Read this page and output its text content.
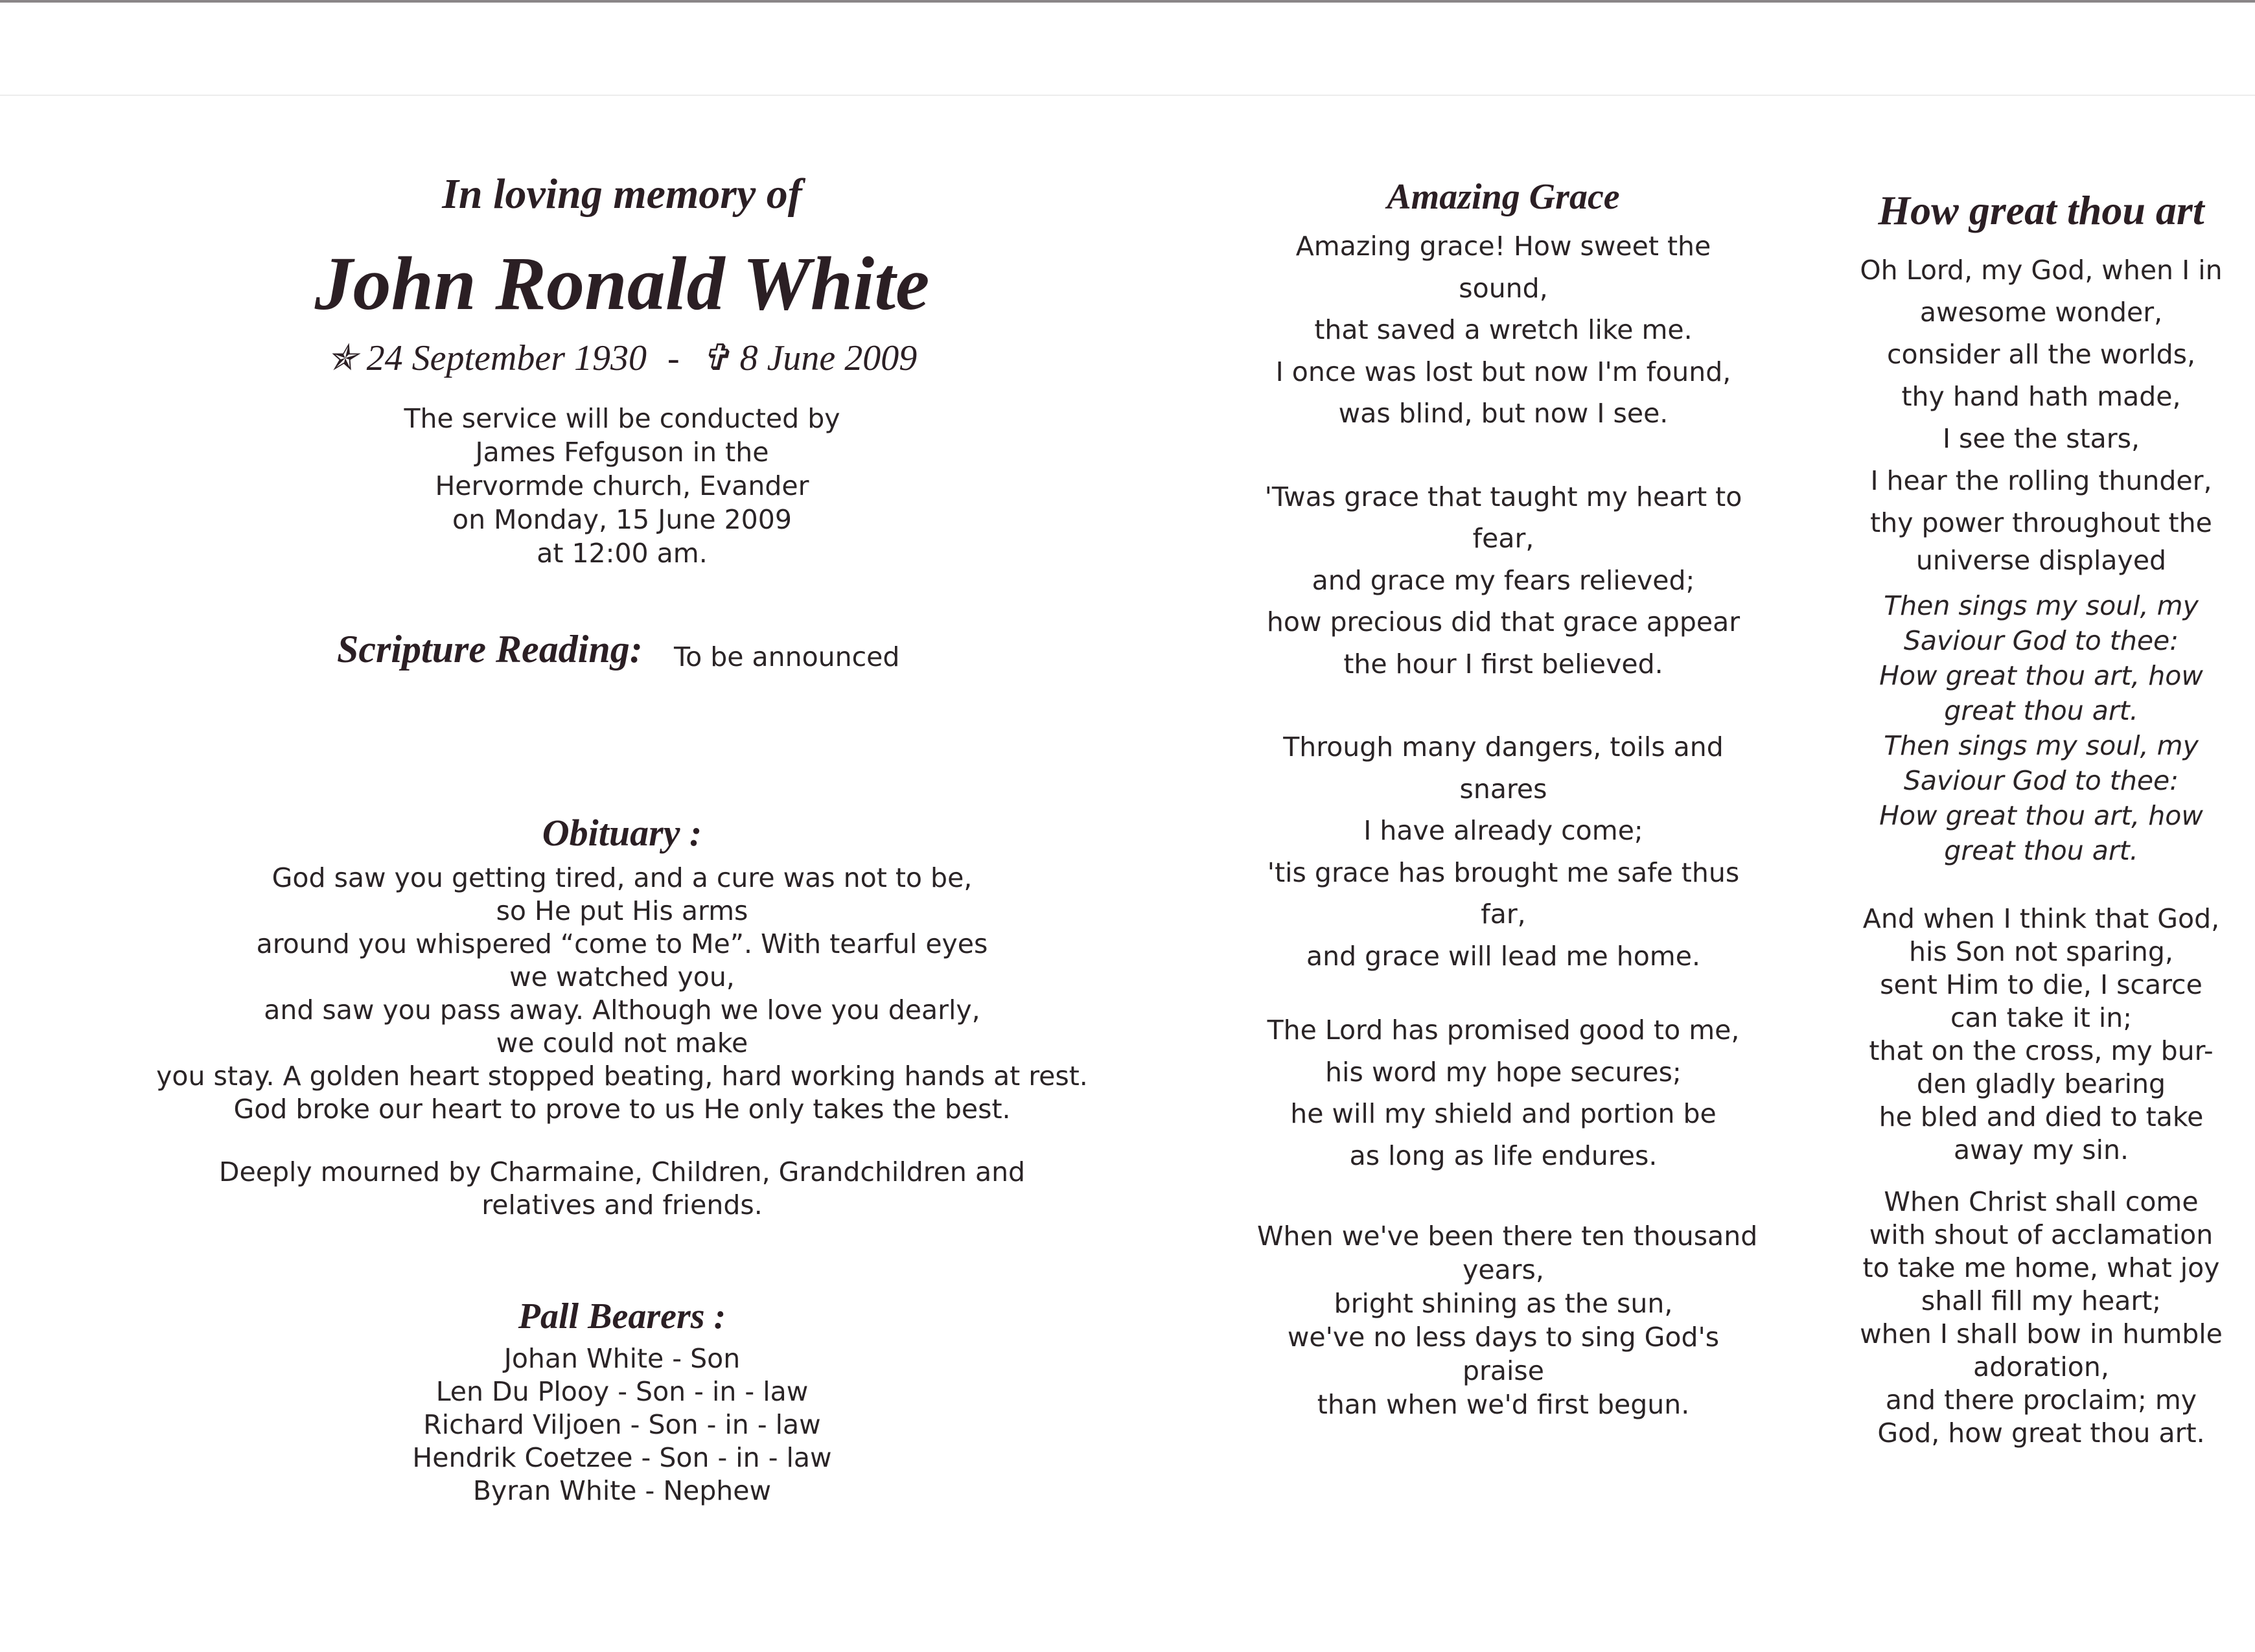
In loving memory of
John Ronald White
✯ 24 September 1930 - ✞ 8 June 2009
The service will be conducted by
James Fefguson in the
Hervormde church, Evander
on Monday, 15 June 2009
at 12:00 am.
Scripture Reading: To be announced
Obituary :
God saw you getting tired, and a cure was not to be,
so He put His arms
around you whispered “come to Me”. With tearful eyes
we watched you,
and saw you pass away. Although we love you dearly,
we could not make
you stay. A golden heart stopped beating, hard working hands at rest.
God broke our heart to prove to us He only takes the best.
Deeply mourned by Charmaine, Children, Grandchildren and
relatives and friends.
Pall Bearers :
Johan White - Son
Len Du Plooy - Son - in - law
Richard Viljoen - Son - in - law
Hendrik Coetzee - Son - in - law
Byran White - Nephew
Amazing Grace
Amazing grace! How sweet the
sound,
that saved a wretch like me.
I once was lost but now I'm found,
was blind, but now I see.
'Twas grace that taught my heart to
fear,
and grace my fears relieved;
how precious did that grace appear
the hour I first believed.
Through many dangers, toils and
snares
I have already come;
'tis grace has brought me safe thus
far,
and grace will lead me home.
The Lord has promised good to me,
his word my hope secures;
he will my shield and portion be
as long as life endures.
When we've been there ten thousand
years,
bright shining as the sun,
we've no less days to sing God's
praise
than when we'd first begun.
How great thou art
Oh Lord, my God, when I in
awesome wonder,
consider all the worlds,
thy hand hath made,
I see the stars,
I hear the rolling thunder,
thy power throughout the
universe displayed
Then sings my soul, my
Saviour God to thee:
How great thou art, how
great thou art.
Then sings my soul, my
Saviour God to thee:
How great thou art, how
great thou art.
And when I think that God,
his Son not sparing,
sent Him to die, I scarce
can take it in;
that on the cross, my bur-
den gladly bearing
he bled and died to take
away my sin.
When Christ shall come
with shout of acclamation
to take me home, what joy
shall fill my heart;
when I shall bow in humble
adoration,
and there proclaim; my
God, how great thou art.
